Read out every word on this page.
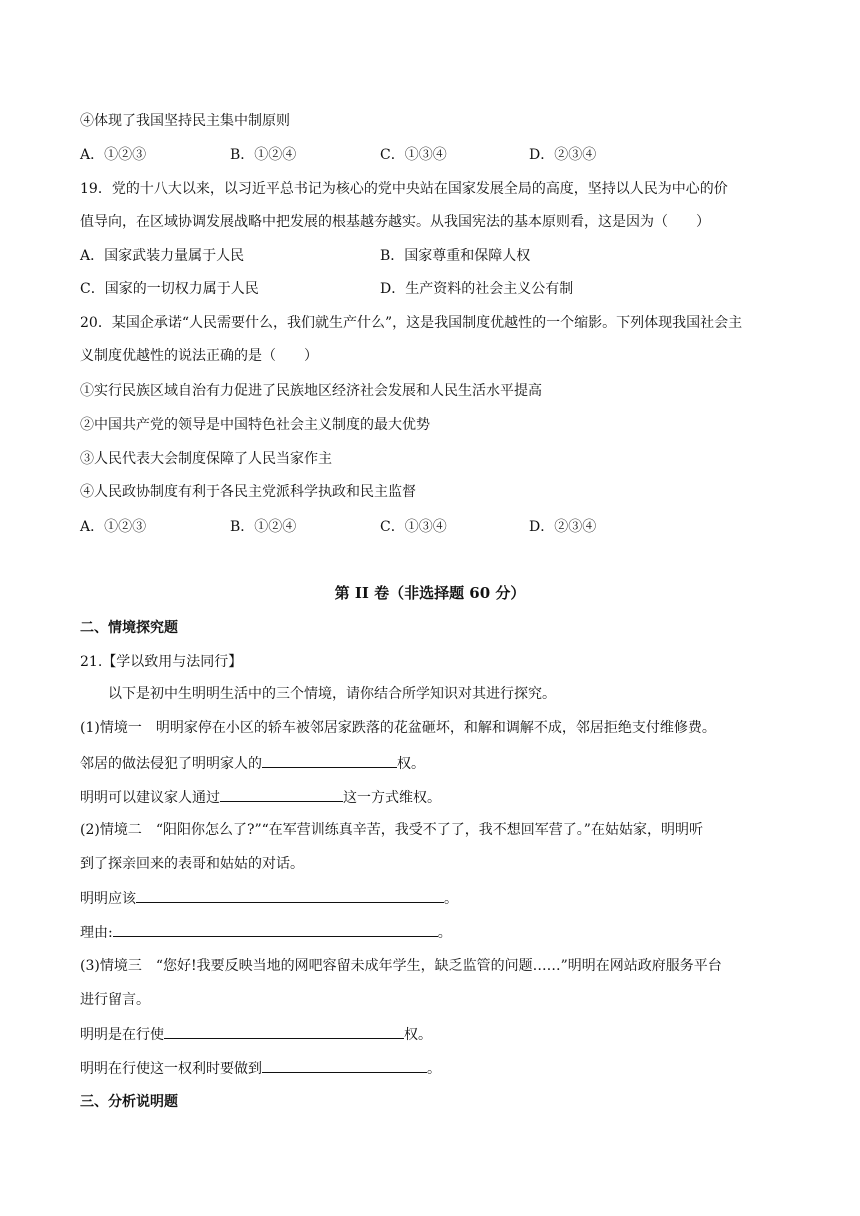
④体现了我国坚持民主集中制原则
A．①②③	B．①②④	C．①③④	D．②③④
19．党的十八大以来，以习近平总书记为核心的党中央站在国家发展全局的高度，坚持以人民为中心的价
值导向，在区域协调发展战略中把发展的根基越夯越实。从我国宪法的基本原则看，这是因为（　　）
A．国家武装力量属于人民	B．国家尊重和保障人权
C．国家的一切权力属于人民	D．生产资料的社会主义公有制
20．某国企承诺“人民需要什么，我们就生产什么”，这是我国制度优越性的一个缩影。下列体现我国社会主
义制度优越性的说法正确的是（　　）
①实行民族区域自治有力促进了民族地区经济社会发展和人民生活水平提高
②中国共产党的领导是中国特色社会主义制度的最大优势
③人民代表大会制度保障了人民当家作主
④人民政协制度有利于各民主党派科学执政和民主监督
A．①②③	B．①②④	C．①③④	D．②③④
第 II 卷（非选择题 60 分）
二、情境探究题
21.【学以致用与法同行】
以下是初中生明明生活中的三个情境，请你结合所学知识对其进行探究。
(1)情境一　明明家停在小区的轿车被邻居家跌落的花盆砸坏，和解和调解不成，邻居拒绝支付维修费。
邻居的做法侵犯了明明家人的	权。
明明可以建议家人通过	这一方式维权。
(2)情境二　“阳阳你怎么了?”“在军营训练真辛苦，我受不了了，我不想回军营了。”在姑姑家，明明听
到了探亲回来的表哥和姑姑的对话。
明明应该	。
理由:	。
(3)情境三　“您好!我要反映当地的网吧容留未成年学生，缺乏监管的问题……”明明在网站政府服务平台
进行留言。
明明是在行使	权。
明明在行使这一权利时要做到	。
三、分析说明题
